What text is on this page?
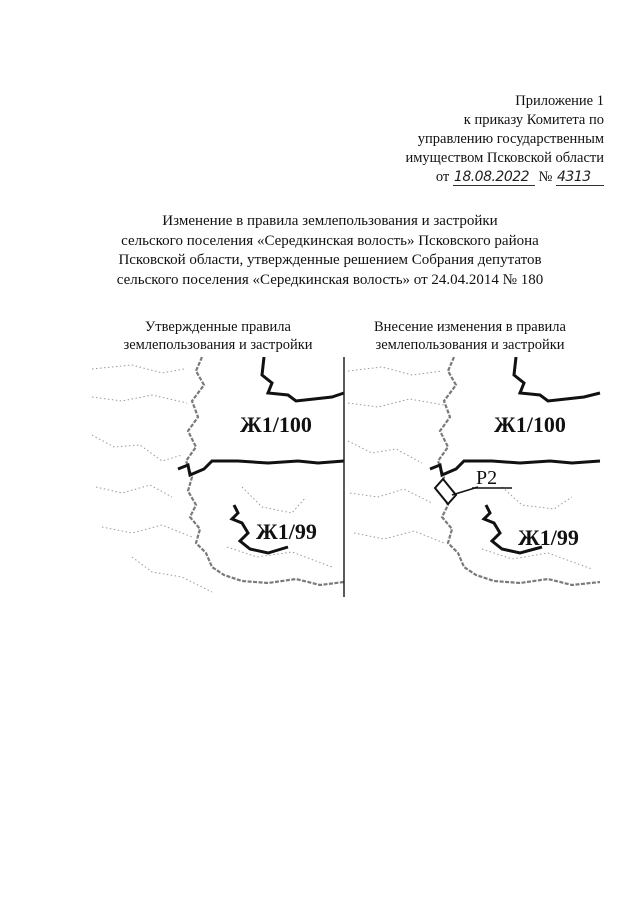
Приложение 1
к приказу Комитета по
управлению государственным
имуществом Псковской области
от 18.08.2022 № 4313
Изменение в правила землепользования и застройки
сельского поселения «Середкинская волость» Псковского района
Псковской области, утвержденные решением Собрания депутатов
сельского поселения «Середкинская волость» от 24.04.2014 № 180
Утвержденные правила
землепользования и застройки
Внесение изменения в правила
землепользования и застройки
Ж1/100
Ж1/99
Ж1/100
Ж1/99
Р2
